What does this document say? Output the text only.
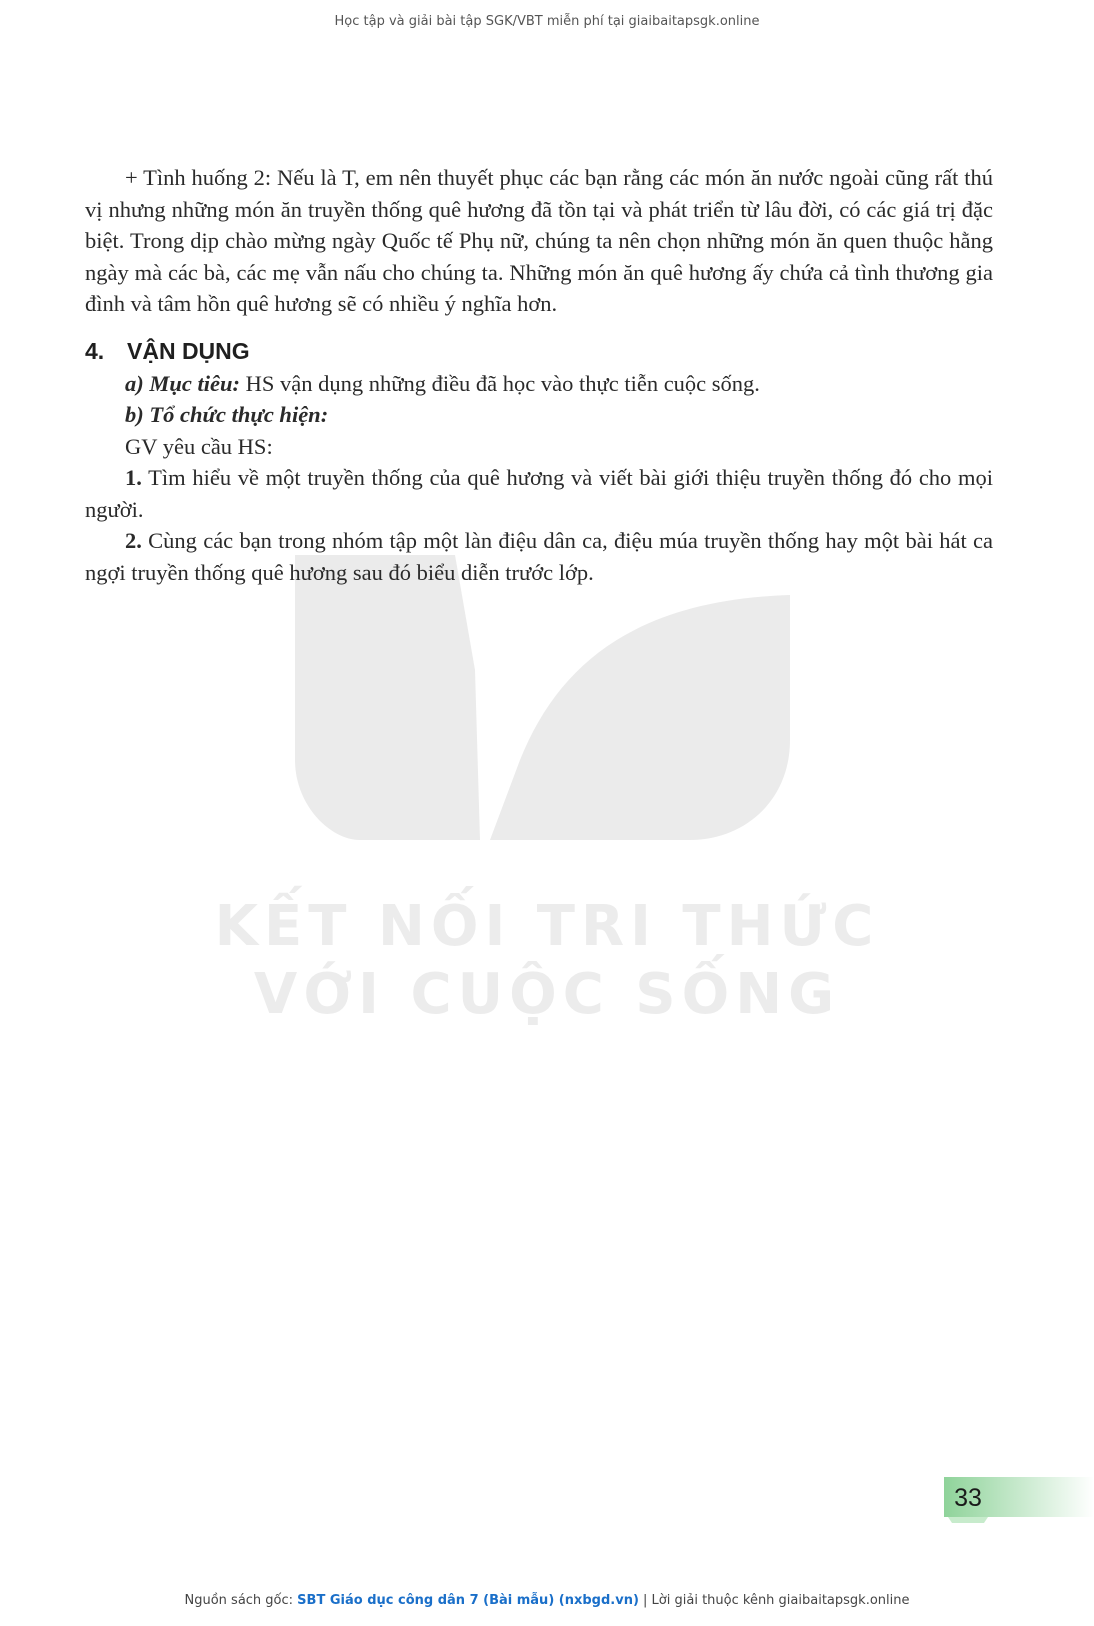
Học tập và giải bài tập SGK/VBT miễn phí tại giaibaitapsgk.online
KẾT NỐI TRI THỨC
VỚI CUỘC SỐNG

+ Tình huống 2: Nếu là T, em nên thuyết phục các bạn rằng các món ăn nước ngoài cũng rất thú vị nhưng những món ăn truyền thống quê hương đã tồn tại và phát triển từ lâu đời, có các giá trị đặc biệt. Trong dịp chào mừng ngày Quốc tế Phụ nữ, chúng ta nên chọn những món ăn quen thuộc hằng ngày mà các bà, các mẹ vẫn nấu cho chúng ta. Những món ăn quê hương ấy chứa cả tình thương gia đình và tâm hồn quê hương sẽ có nhiều ý nghĩa hơn.

4. VẬN DỤNG

a) Mục tiêu: HS vận dụng những điều đã học vào thực tiễn cuộc sống.

b) Tổ chức thực hiện:

GV yêu cầu HS:

1. Tìm hiểu về một truyền thống của quê hương và viết bài giới thiệu truyền thống đó cho mọi người.

2. Cùng các bạn trong nhóm tập một làn điệu dân ca, điệu múa truyền thống hay một bài hát ca ngợi truyền thống quê hương sau đó biểu diễn trước lớp.

33
Nguồn sách gốc: SBT Giáo dục công dân 7 (Bài mẫu) (nxbgd.vn) | Lời giải thuộc kênh giaibaitapsgk.online
